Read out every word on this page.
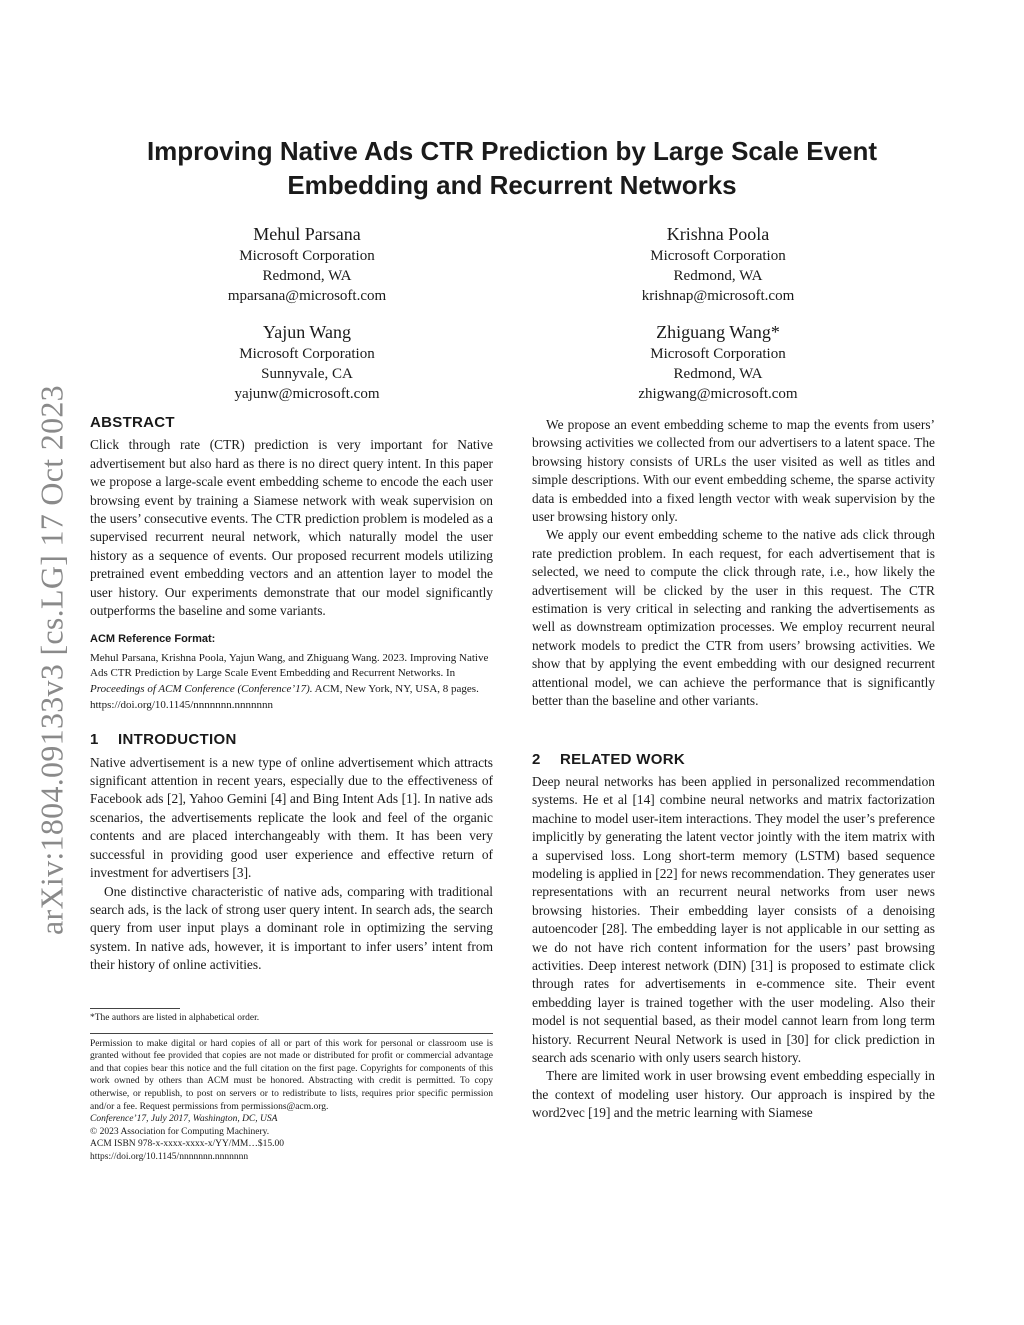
arXiv:1804.09133v3 [cs.LG] 17 Oct 2023
Improving Native Ads CTR Prediction by Large Scale Event
Embedding and Recurrent Networks
Mehul Parsana
Microsoft Corporation
Redmond, WA
mparsana@microsoft.com
Krishna Poola
Microsoft Corporation
Redmond, WA
krishnap@microsoft.com
Yajun Wang
Microsoft Corporation
Sunnyvale, CA
yajunw@microsoft.com
Zhiguang Wang*
Microsoft Corporation
Redmond, WA
zhigwang@microsoft.com
ABSTRACT

Click through rate (CTR) prediction is very important for Native advertisement but also hard as there is no direct query intent. In this paper we propose a large-scale event embedding scheme to encode the each user browsing event by training a Siamese network with weak supervision on the users’ consecutive events. The CTR prediction problem is modeled as a supervised recurrent neural network, which naturally model the user history as a sequence of events. Our proposed recurrent models utilizing pretrained event embedding vectors and an attention layer to model the user history. Our experiments demonstrate that our model significantly outperforms the baseline and some variants.

ACM Reference Format:
Mehul Parsana, Krishna Poola, Yajun Wang, and Zhiguang Wang. 2023. Improving Native Ads CTR Prediction by Large Scale Event Embedding and Recurrent Networks. In Proceedings of ACM Conference (Conference’17). ACM, New York, NY, USA, 8 pages. https://doi.org/10.1145/nnnnnnn.nnnnnnn
1 INTRODUCTION

Native advertisement is a new type of online advertisement which attracts significant attention in recent years, especially due to the effectiveness of Facebook ads [2], Yahoo Gemini [4] and Bing Intent Ads [1]. In native ads scenarios, the advertisements replicate the look and feel of the organic contents and are placed interchangeably with them. It has been very successful in providing good user experience and effective return of investment for advertisers [3].

One distinctive characteristic of native ads, comparing with traditional search ads, is the lack of strong user query intent. In search ads, the search query from user input plays a dominant role in optimizing the serving system. In native ads, however, it is important to infer users’ intent from their history of online activities.

*The authors are listed in alphabetical order.
Permission to make digital or hard copies of all or part of this work for personal or classroom use is granted without fee provided that copies are not made or distributed for profit or commercial advantage and that copies bear this notice and the full citation on the first page. Copyrights for components of this work owned by others than ACM must be honored. Abstracting with credit is permitted. To copy otherwise, or republish, to post on servers or to redistribute to lists, requires prior specific permission and/or a fee. Request permissions from permissions@acm.org.
Conference’17, July 2017, Washington, DC, USA
© 2023 Association for Computing Machinery.
ACM ISBN 978-x-xxxx-xxxx-x/YY/MM…$15.00
https://doi.org/10.1145/nnnnnnn.nnnnnnn

We propose an event embedding scheme to map the events from users’ browsing activities we collected from our advertisers to a latent space. The browsing history consists of URLs the user visited as well as titles and simple descriptions. With our event embedding scheme, the sparse activity data is embedded into a fixed length vector with weak supervision by the user browsing history only.

We apply our event embedding scheme to the native ads click through rate prediction problem. In each request, for each advertisement that is selected, we need to compute the click through rate, i.e., how likely the advertisement will be clicked by the user in this request. The CTR estimation is very critical in selecting and ranking the advertisements as well as downstream optimization processes. We employ recurrent neural network models to predict the CTR from users’ browsing activities. We show that by applying the event embedding with our designed recurrent attentional model, we can achieve the performance that is significantly better than the baseline and other variants.

2 RELATED WORK

Deep neural networks has been applied in personalized recommendation systems. He et al [14] combine neural networks and matrix factorization machine to model user-item interactions. They model the user’s preference implicitly by generating the latent vector jointly with the item matrix with a supervised loss. Long short-term memory (LSTM) based sequence modeling is applied in [22] for news recommendation. They generates user representations with an recurrent neural networks from user news browsing histories. Their embedding layer consists of a denoising autoencoder [28]. The embedding layer is not applicable in our setting as we do not have rich content information for the users’ past browsing activities. Deep interest network (DIN) [31] is proposed to estimate click through rates for advertisements in e-commence site. Their event embedding layer is trained together with the user modeling. Also their model is not sequential based, as their model cannot learn from long term history. Recurrent Neural Network is used in [30] for click prediction in search ads scenario with only users search history.

There are limited work in user browsing event embedding especially in the context of modeling user history. Our approach is inspired by the word2vec [19] and the metric learning with Siamese
